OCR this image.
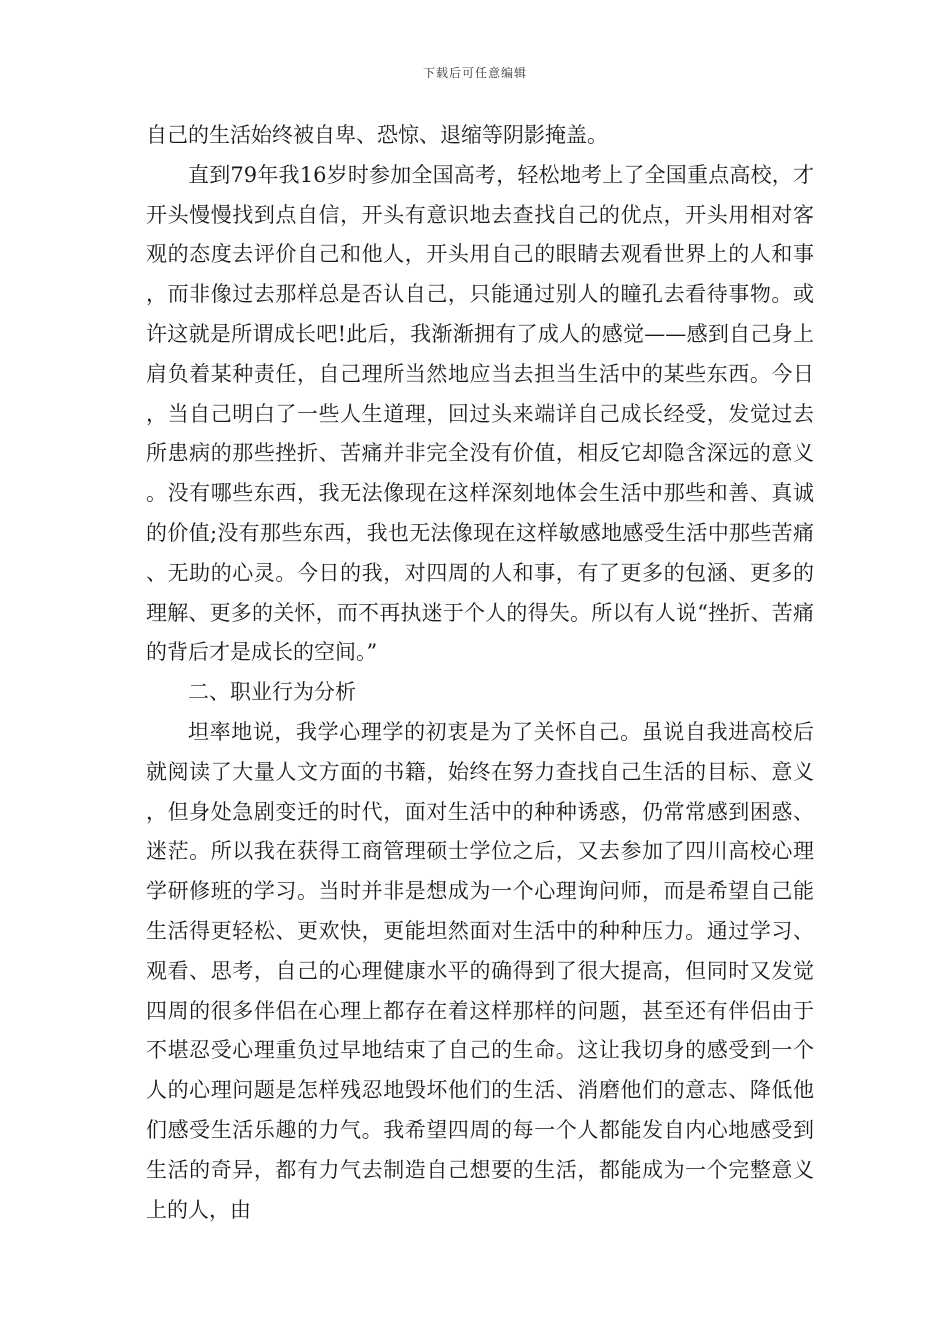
下载后可任意编辑

自己的生活始终被自卑、恐惊、退缩等阴影掩盖。

直到79年我16岁时参加全国高考，轻松地考上了全国重点高校，才开头慢慢找到点自信，开头有意识地去查找自己的优点，开头用相对客观的态度去评价自己和他人，开头用自己的眼睛去观看世界上的人和事，而非像过去那样总是否认自己，只能通过别人的瞳孔去看待事物。或许这就是所谓成长吧!此后，我渐渐拥有了成人的感觉——感到自己身上肩负着某种责任，自己理所当然地应当去担当生活中的某些东西。今日，当自己明白了一些人生道理，回过头来端详自己成长经受，发觉过去所患病的那些挫折、苦痛并非完全没有价值，相反它却隐含深远的意义。没有哪些东西，我无法像现在这样深刻地体会生活中那些和善、真诚的价值;没有那些东西，我也无法像现在这样敏感地感受生活中那些苦痛、无助的心灵。今日的我，对四周的人和事，有了更多的包涵、更多的理解、更多的关怀，而不再执迷于个人的得失。所以有人说“挫折、苦痛的背后才是成长的空间。”

二、职业行为分析

坦率地说，我学心理学的初衷是为了关怀自己。虽说自我进高校后就阅读了大量人文方面的书籍，始终在努力查找自己生活的目标、意义，但身处急剧变迁的时代，面对生活中的种种诱惑，仍常常感到困惑、迷茫。所以我在获得工商管理硕士学位之后，又去参加了四川高校心理学研修班的学习。当时并非是想成为一个心理询问师，而是希望自己能生活得更轻松、更欢快，更能坦然面对生活中的种种压力。通过学习、观看、思考，自己的心理健康水平的确得到了很大提高，但同时又发觉四周的很多伴侣在心理上都存在着这样那样的问题，甚至还有伴侣由于不堪忍受心理重负过早地结束了自己的生命。这让我切身的感受到一个人的心理问题是怎样残忍地毁坏他们的生活、消磨他们的意志、降低他们感受生活乐趣的力气。我希望四周的每一个人都能发自内心地感受到生活的奇异，都有力气去制造自己想要的生活，都能成为一个完整意义上的人，由
